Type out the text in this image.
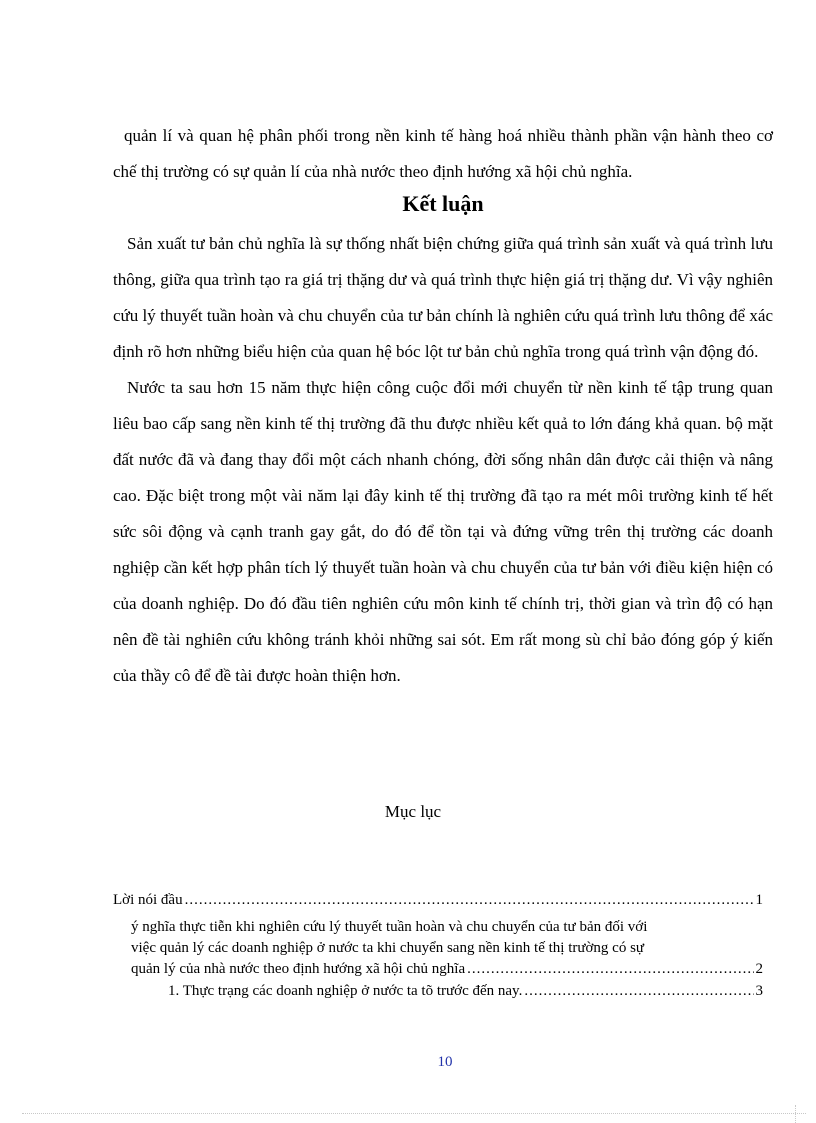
quản lí và quan hệ phân phối trong nền kinh tế hàng hoá nhiều thành phần vận hành theo cơ chế thị trường có sự quản lí của nhà nước theo định hướng xã hội chủ nghĩa.

Kết luận

Sản xuất tư bản chủ nghĩa là sự thống nhất biện chứng giữa quá trình sản xuất và quá trình lưu thông, giữa qua trình tạo ra giá trị thặng dư và quá trình thực hiện giá trị thặng dư. Vì vậy nghiên cứu lý thuyết tuần hoàn và chu chuyển của tư bản chính là nghiên cứu quá trình lưu thông để xác định rõ hơn những biểu hiện của quan hệ bóc lột tư bản chủ nghĩa trong quá trình vận động đó.

Nước ta sau hơn 15 năm thực hiện công cuộc đổi mới chuyển từ nền kinh tế tập trung quan liêu bao cấp sang nền kinh tế thị trường đã thu được nhiều kết quả to lớn đáng khả quan. bộ mặt đất nước đã và đang thay đổi một cách nhanh chóng, đời sống nhân dân được cải thiện và nâng cao. Đặc biệt trong một vài năm lại đây kinh tế thị trường đã tạo ra mét môi trường kinh tế hết sức sôi động và cạnh tranh gay gắt, do đó để tồn tại và đứng vững trên thị trường các doanh nghiệp cần kết hợp phân tích lý thuyết tuần hoàn và chu chuyển của tư bản với điều kiện hiện có của doanh nghiệp. Do đó đầu tiên nghiên cứu môn kinh tế chính trị, thời gian và trìn độ có hạn nên đề tài nghiên cứu không tránh khỏi những sai sót. Em rất mong sù chỉ bảo đóng góp ý kiến của thầy cô để đề tài được hoàn thiện hơn.

Mục lục

Lời nói đầu .....	1
ý nghĩa thực tiễn khi nghiên cứu lý thuyết tuần hoàn và chu chuyển của tư bản đối với
việc quản lý các doanh nghiệp ở nước ta khi chuyển sang nền kinh tế thị trường có sự
quản lý của nhà nước theo định hướng xã hội chủ nghĩa .....	2
1. Thực trạng các doanh nghiệp ở nước ta tõ trước đến nay. .....	3

10
